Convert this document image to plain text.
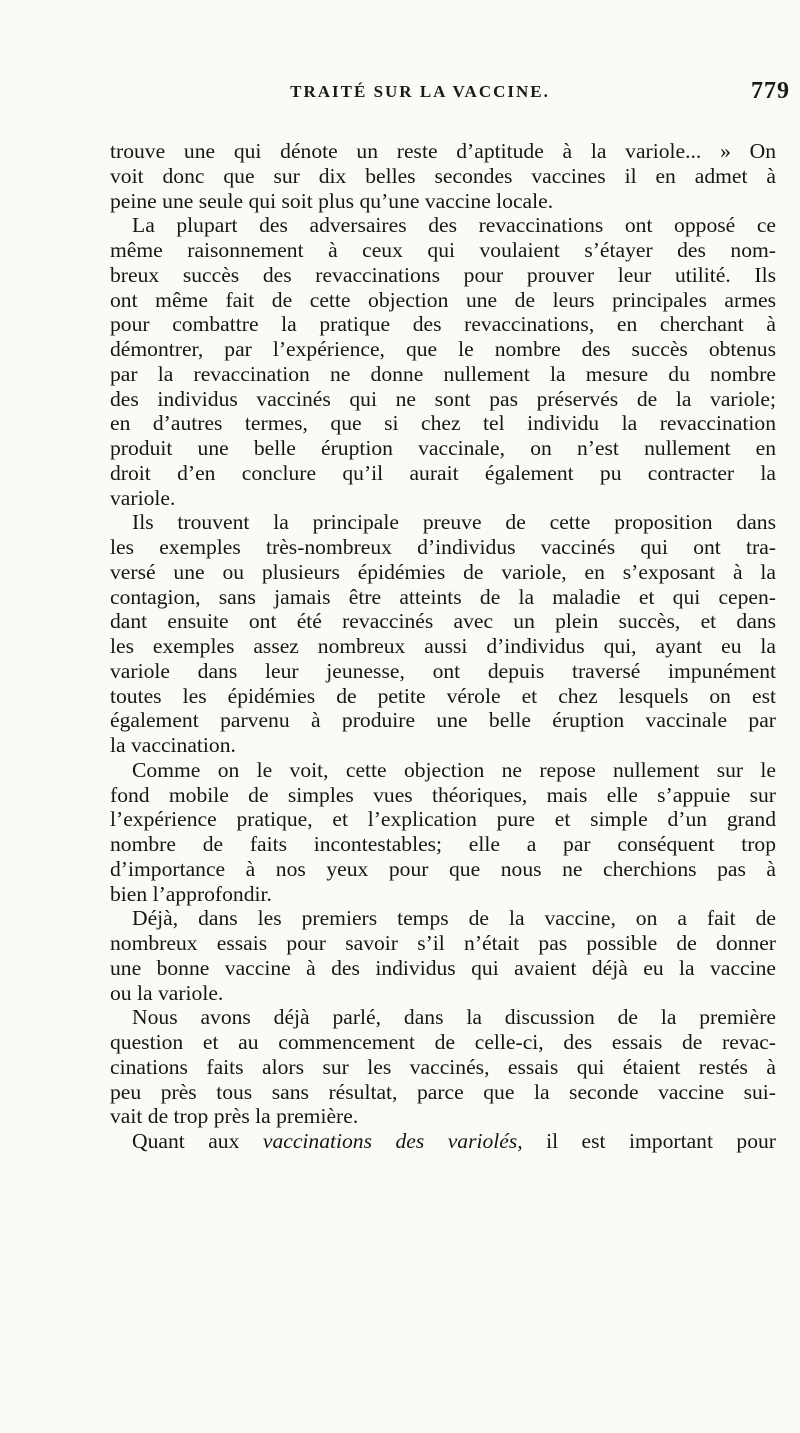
TRAITÉ SUR LA VACCINE.	779
trouve une qui dénote un reste d’aptitude à la variole... » On
voit donc que sur dix belles secondes vaccines il en admet à
peine une seule qui soit plus qu’une vaccine locale.
La plupart des adversaires des revaccinations ont opposé ce
même raisonnement à ceux qui voulaient s’étayer des nom-
breux succès des revaccinations pour prouver leur utilité. Ils
ont même fait de cette objection une de leurs principales armes
pour combattre la pratique des revaccinations, en cherchant à
démontrer, par l’expérience, que le nombre des succès obtenus
par la revaccination ne donne nullement la mesure du nombre
des individus vaccinés qui ne sont pas préservés de la variole;
en d’autres termes, que si chez tel individu la revaccination
produit une belle éruption vaccinale, on n’est nullement en
droit d’en conclure qu’il aurait également pu contracter la
variole.
Ils trouvent la principale preuve de cette proposition dans
les exemples très-nombreux d’individus vaccinés qui ont tra-
versé une ou plusieurs épidémies de variole, en s’exposant à la
contagion, sans jamais être atteints de la maladie et qui cepen-
dant ensuite ont été revaccinés avec un plein succès, et dans
les exemples assez nombreux aussi d’individus qui, ayant eu la
variole dans leur jeunesse, ont depuis traversé impunément
toutes les épidémies de petite vérole et chez lesquels on est
également parvenu à produire une belle éruption vaccinale par
la vaccination.
Comme on le voit, cette objection ne repose nullement sur le
fond mobile de simples vues théoriques, mais elle s’appuie sur
l’expérience pratique, et l’explication pure et simple d’un grand
nombre de faits incontestables; elle a par conséquent trop
d’importance à nos yeux pour que nous ne cherchions pas à
bien l’approfondir.
Déjà, dans les premiers temps de la vaccine, on a fait de
nombreux essais pour savoir s’il n’était pas possible de donner
une bonne vaccine à des individus qui avaient déjà eu la vaccine
ou la variole.
Nous avons déjà parlé, dans la discussion de la première
question et au commencement de celle-ci, des essais de revac-
cinations faits alors sur les vaccinés, essais qui étaient restés à
peu près tous sans résultat, parce que la seconde vaccine sui-
vait de trop près la première.
Quant aux vaccinations des variolés, il est important pour
